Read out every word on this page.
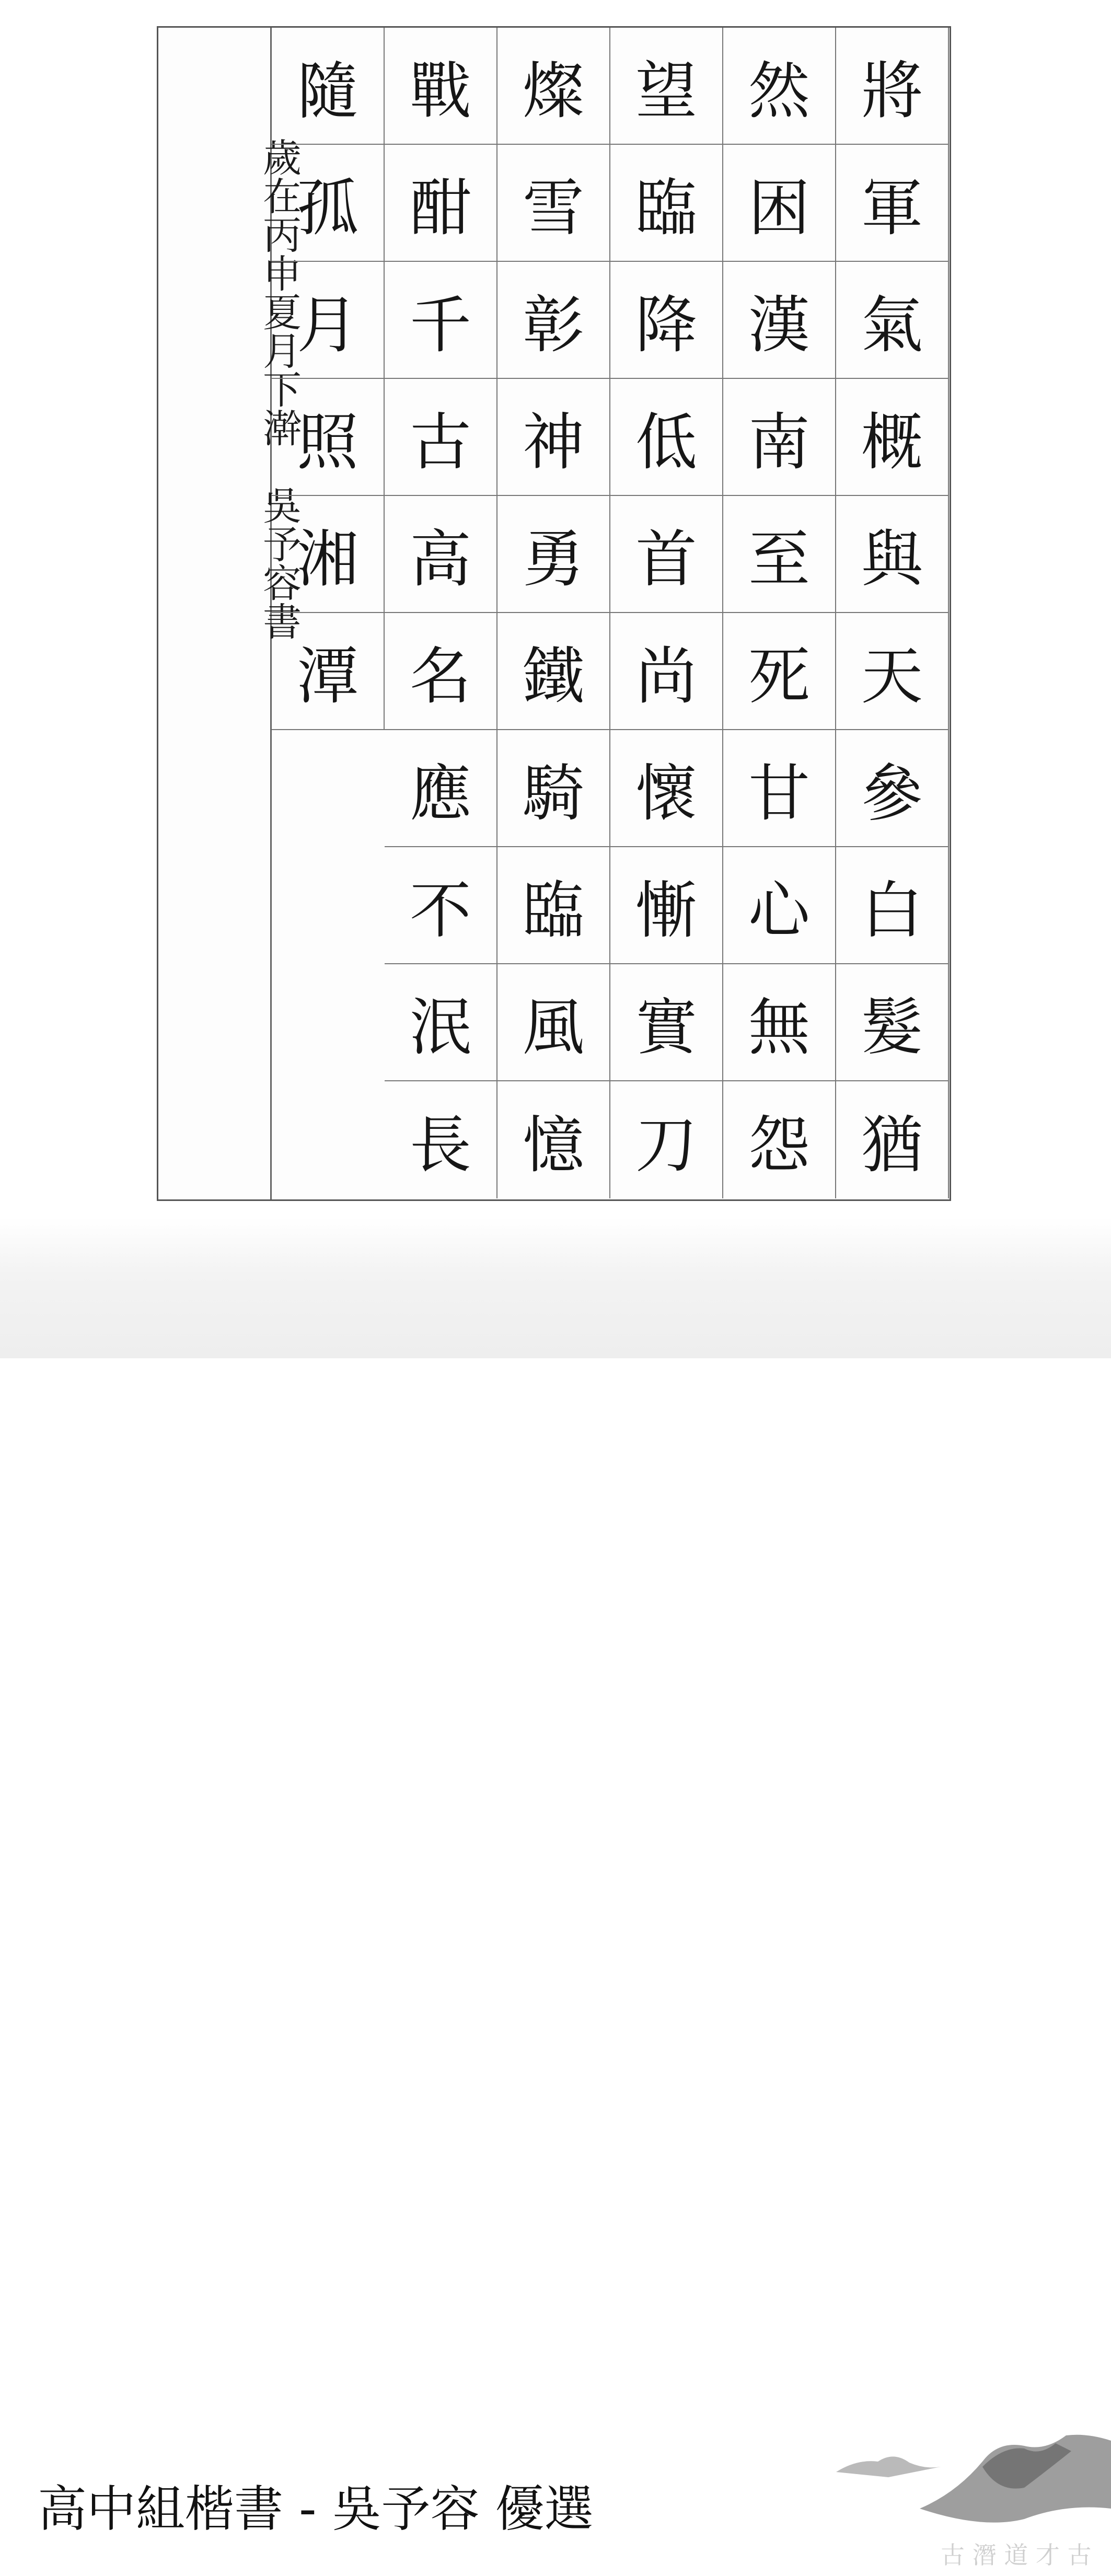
歲在丙申夏月下澣　吳予容書
將
軍
氣
概
與
天
參
白
髮
猶
然
困
漢
南
至
死
甘
心
無
怨
望
臨
降
低
首
尚
懷
慚
實
刀
燦
雪
彰
神
勇
鐵
騎
臨
風
憶
戰
酣
千
古
高
名
應
不
泯
長
隨
孤
月
照
湘
潭
古 潛 道 才 古
高中組楷書 - 吳予容 優選
